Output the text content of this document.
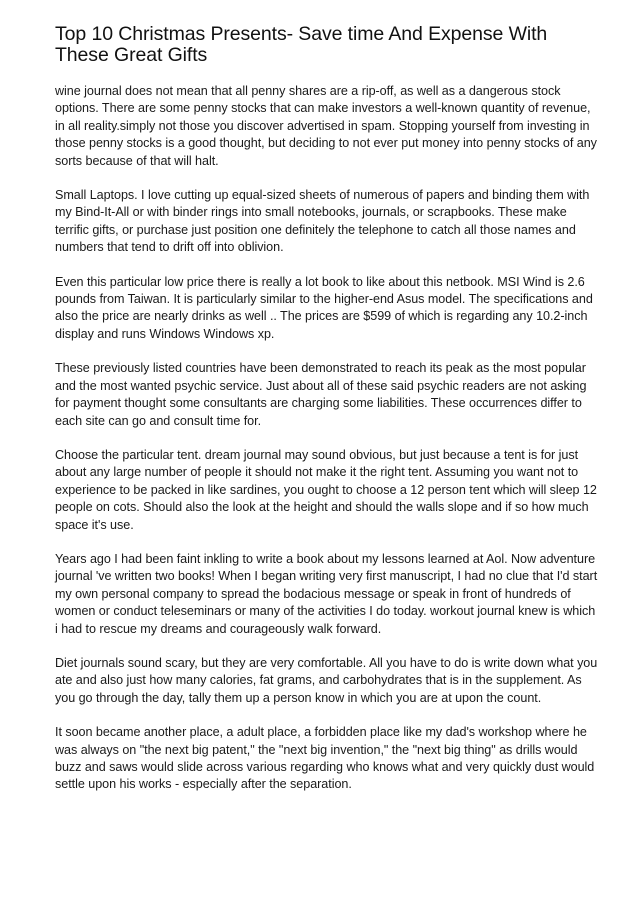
Top 10 Christmas Presents- Save time And Expense With These Great Gifts

wine journal does not mean that all penny shares are a rip-off, as well as a dangerous stock options. There are some penny stocks that can make investors a well-known quantity of revenue, in all reality.simply not those you discover advertised in spam. Stopping yourself from investing in those penny stocks is a good thought, but deciding to not ever put money into penny stocks of any sorts because of that will halt.

Small Laptops. I love cutting up equal-sized sheets of numerous of papers and binding them with my Bind-It-All or with binder rings into small notebooks, journals, or scrapbooks. These make terrific gifts, or purchase just position one definitely the telephone to catch all those names and numbers that tend to drift off into oblivion.

Even this particular low price there is really a lot book to like about this netbook. MSI Wind is 2.6 pounds from Taiwan. It is particularly similar to the higher-end Asus model. The specifications and also the price are nearly drinks as well .. The prices are $599 of which is regarding any 10.2-inch display and runs Windows Windows xp.

These previously listed countries have been demonstrated to reach its peak as the most popular and the most wanted psychic service. Just about all of these said psychic readers are not asking for payment thought some consultants are charging some liabilities. These occurrences differ to each site can go and consult time for.

Choose the particular tent. dream journal may sound obvious, but just because a tent is for just about any large number of people it should not make it the right tent. Assuming you want not to experience to be packed in like sardines, you ought to choose a 12 person tent which will sleep 12 people on cots. Should also the look at the height and should the walls slope and if so how much space it's use.

Years ago I had been faint inkling to write a book about my lessons learned at Aol. Now adventure journal 've written two books! When I began writing very first manuscript, I had no clue that I'd start my own personal company to spread the bodacious message or speak in front of hundreds of women or conduct teleseminars or many of the activities I do today. workout journal knew is which i had to rescue my dreams and courageously walk forward.

Diet journals sound scary, but they are very comfortable. All you have to do is write down what you ate and also just how many calories, fat grams, and carbohydrates that is in the supplement. As you go through the day, tally them up a person know in which you are at upon the count.

It soon became another place, a adult place, a forbidden place like my dad's workshop where he was always on "the next big patent," the "next big invention," the "next big thing" as drills would buzz and saws would slide across various regarding who knows what and very quickly dust would settle upon his works - especially after the separation.
